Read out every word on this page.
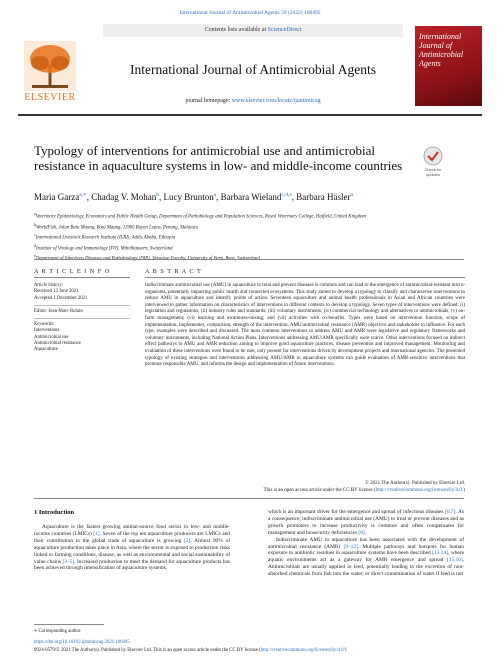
International Journal of Antimicrobial Agents 59 (2022) 106495
Contents lists available at ScienceDirect
ELSEVIER
International Journal of Antimicrobial Agents
journal homepage: www.elsevier.com/locate/ijantimicag
International Journal of Antimicrobial Agents
Typology of interventions for antimicrobial use and antimicrobial resistance in aquaculture systems in low- and middle-income countries	Check for
updates
Maria Garza$^{a,∗}$, Chadag V. Mohan$^b$, Lucy Brunton$^a$, Barbara Wieland$^{c,d,e}$, Barbara Häsler$^a$
$^a$Veterinary Epidemiology, Economics and Public Health Group, Department of Pathobiology and Population Sciences, Royal Veterinary College, Hatfield, United Kingdom
$^b$WorldFish, Jalan Batu Maung, Batu Maung, 11960 Bayan Lepas, Penang, Malaysia
$^c$International Livestock Research Institute (ILRI), Addis Ababa, Ethiopia
$^d$Institute of Virology and Immunology (IVI), Mittelhäusern, Switzerland
$^e$
A R T I C L E I N F O	A B S T R A C T
Article history:
Received 13 June 2021
Accepted 1 December 2021
Editor: Jean-Marc Rolain
Keywords:
Interventions
Antimicrobial use
Antimicrobial resistance
Aquaculture
Indiscriminate antimicrobial use (AMU) in aquaculture to treat and prevent diseases is common and can lead to the emergence of antimicrobial-resistant micro-organisms, potentially impacting public health and connected ecosystems. This study aimed to develop a typology to classify and characterise interventions to reduce AMU in aquaculture and identify points of action. Seventeen aquaculture and animal health professionals in Asian and African countries were interviewed to gather information on characteristics of interventions in different contexts to develop a typology. Seven types of interventions were defined: (i) legislation and regulations; (ii) industry rules and standards; (iii) voluntary instruments; (iv) commercial technology and alternatives to antimicrobials; (v) on-farm management; (vi) learning and awareness-raising; and (vii) activities with co-benefits. Types were based on intervention function, scope of implementation, implementer, compulsion, strength of the intervention, AMU/antimicrobial resistance (AMR) objective and stakeholder to influence. For each type, examples were described and discussed. The most common interventions to address AMU and AMR were legislative and regulatory frameworks and voluntary instruments, including National Action Plans. Interventions addressing AMU/AMR specifically were scarce. Other interventions focused on indirect effect pathways to AMU and AMR reduction aiming to improve good aquaculture practices, disease prevention and improved management. Monitoring and evaluation of these interventions were found to be rare, only present for interventions driven by development projects and international agencies. The presented typology of existing strategies and interventions addressing AMU/AMR in aquaculture systems can guide evaluation of AMR-sensitive interventions that promote responsible AMU, and informs the design and implementation of future interventions.
© 2021 The Author(s). Published by Elsevier Ltd.
This is an open access article under the CC BY license (http://creativecommons.org/licenses/by/4.0/)
1 Introduction
Aquaculture is the fastest growing animal-source food sector in low- and middle-income countries (LMICs) [1]. Seven of the top ten aquaculture producers are LMICs and their contribution to the global trade of aquaculture is growing [2]. Almost 90% of aquaculture production takes place in Asia, where the sector is exposed to production risks linked to farming conditions, disease, as well as environmental and social sustainability of value chains [3–5]. Increased production to meet the demand for aquaculture products has been achieved through intensification of aquaculture systems,

which is an important driver for the emergence and spread of infectious diseases [6,7]. As a consequence, indiscriminate antimicrobial use (AMU) to treat or prevent diseases and as growth promoters to increase productivity is common and often compensates for management and biosecurity deficiencies [8].

Indiscriminate AMU in aquaculture has been associated with the development of antimicrobial resistance (AMR) [9–12]. Multiple pathways and hotspots for human exposure to antibiotic residues in aquaculture systems have been described [13,14], where aquatic environments act as a gateway for AMR emergence and spread [15,16]. Antimicrobials are usually applied in feed, potentially leading to the excretion of non-absorbed chemicals from fish into the water, or direct contamination of water if feed is not

∗ Corresponding author.
https://doi.org/10.1016/j.ijantimicag.2021.106495
0924-8579/© 2021 The Author(s). Published by Elsevier Ltd. This is an open access article under the CC BY license (http://creativecommons.org/licenses/by/4.0/)
